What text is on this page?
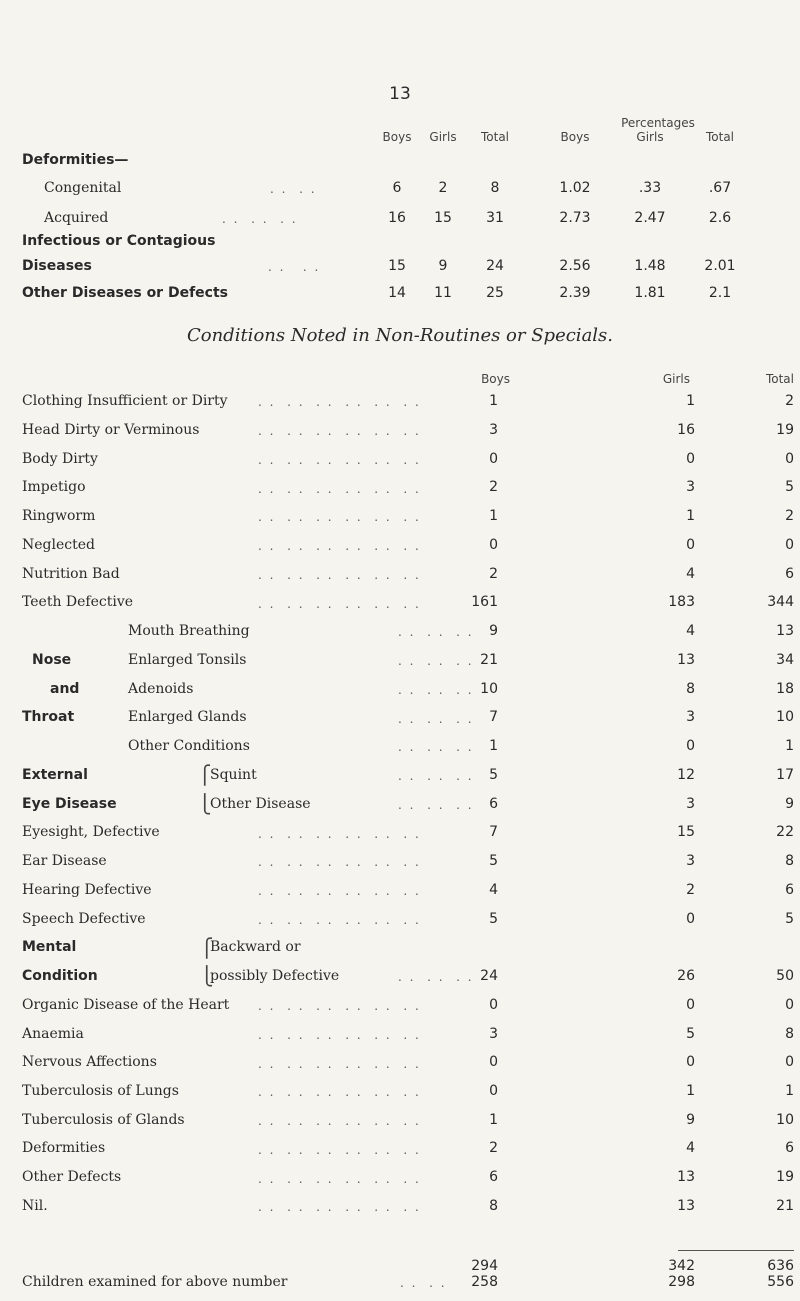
13
Percentages
Boys	Girls	Total	Boys	Girls	Total
Deformities—
Congenital	. .  . .	6	2	8	1.02	.33	.67
Acquired	. .  . .  . .	16	15	31	2.73	2.47	2.6
Infectious or Contagious
Diseases	. .   . .	15	9	24	2.56	1.48	2.01
Other Diseases or Defects	14	11	25	2.39	1.81	2.1
Conditions Noted in Non-Routines or Specials.
Boys	Girls	Total
Clothing Insufficient or Dirty	. .  . .  . .  . .  . .  . .	1	1	2
Head Dirty or Verminous	. .  . .  . .  . .  . .  . .	3	16	19
Body Dirty	. .  . .  . .  . .  . .  . .	0	0	0
Impetigo	. .  . .  . .  . .  . .  . .	2	3	5
Ringworm	. .  . .  . .  . .  . .  . .	1	1	2
Neglected	. .  . .  . .  . .  . .  . .	0	0	0
Nutrition Bad	. .  . .  . .  . .  . .  . .	2	4	6
Teeth Defective	. .  . .  . .  . .  . .  . .	161	183	344
Mouth Breathing	. .  . .  . .	9	4	13
Nose	Enlarged Tonsils	. .  . .  . . 21	13	34
and	Adenoids	. .  . .  . . 10	8	18
Throat	Enlarged Glands	. .  . .  . .	7	3	10
Other Conditions	. .  . .  . .	1	0	1
External	⎧
Squint	. .  . .  . .	5	12	17
Eye Disease	⎩
Other Disease	. .  . .  . .	6	3	9
Eyesight, Defective	. .  . .  . .  . .  . .  . .	7	15	22
Ear Disease	. .  . .  . .  . .  . .  . .	5	3	8
Hearing Defective	. .  . .  . .  . .  . .  . .	4	2	6
Speech Defective	. .  . .  . .  . .  . .  . .	5	0	5
Mental
Condition
⎧
⎩
Backward or
possibly Defective	. .  . .  . . 24	26	50
Organic Disease of the Heart . .  . .  . .  . .  . .  . .	0	0	0
Anaemia	. .  . .  . .  . .  . .  . .	3	5	8
Nervous Affections	. .  . .  . .  . .  . .  . .	0	0	0
Tuberculosis of Lungs	. .  . .  . .  . .  . .  . .	0	1	1
Tuberculosis of Glands	. .  . .  . .  . .  . .  . .	1	9	10
Deformities	. .  . .  . .  . .  . .  . .	2	4	6
Other Defects	. .  . .  . .  . .  . .  . .	6	13	19
Nil.	. .  . .  . .  . .  . .  . .	8	13	21
294	342	636
Children examined for above number	. .  . .	258	298	556
